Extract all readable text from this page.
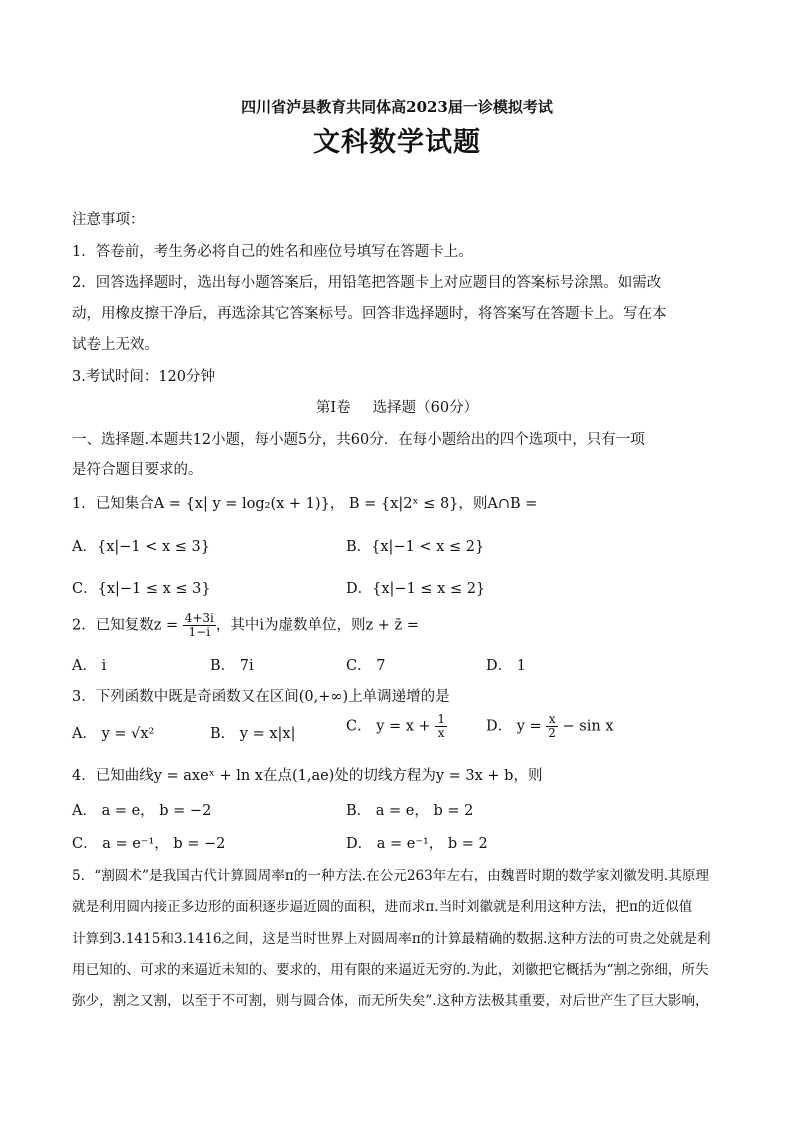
四川省泸县教育共同体高2023届一诊模拟考试
文科数学试题
注意事项：
1．答卷前，考生务必将自己的姓名和座位号填写在答题卡上。
2．回答选择题时，选出每小题答案后，用铅笔把答题卡上对应题目的答案标号涂黑。如需改
动，用橡皮擦干净后，再选涂其它答案标号。回答非选择题时，将答案写在答题卡上。写在本
试卷上无效。
3.考试时间：120分钟
第I卷 选择题（60分）
一、选择题.本题共12小题，每小题5分，共60分．在每小题给出的四个选项中，只有一项
是符合题目要求的。
1．已知集合A = {x| y = log₂(x + 1)}， B = {x|2ˣ ≤ 8}，则A∩B =
A．{x|−1 < x ≤ 3}	B．{x|−1 < x ≤ 2}
C．{x|−1 ≤ x ≤ 3}	D．{x|−1 ≤ x ≤ 2}
2．已知复数$z = \frac{4+3i}{1-i}$ ，其中i为虚数单位，则z + z̄ =
A． i	B． 7i	C． 7	D． 1
3．下列函数中既是奇函数又在区间(0,+∞)上单调递增的是
A． y = √x²	B． y = x|x|	C． $y = x + \frac{1}{x}$	D． $y = \frac{x}{2} - \sin x$
4．已知曲线y = axeˣ + ln x在点(1,ae)处的切线方程为y = 3x + b，则
A． a = e， b = −2	B． a = e， b = 2
C． a = e⁻¹， b = −2	D． a = e⁻¹， b = 2
5．“割圆术”是我国古代计算圆周率π的一种方法.在公元263年左右，由魏晋时期的数学家刘徽发明.其原理
就是利用圆内接正多边形的面积逐步逼近圆的面积，进而求π.当时刘徽就是利用这种方法，把π的近似值
计算到3.1415和3.1416之间，这是当时世界上对圆周率π的计算最精确的数据.这种方法的可贵之处就是利
用已知的、可求的来逼近未知的、要求的，用有限的来逼近无穷的.为此，刘徽把它概括为“割之弥细，所失
弥少，割之又割，以至于不可割，则与圆合体，而无所失矣”.这种方法极其重要，对后世产生了巨大影响，
